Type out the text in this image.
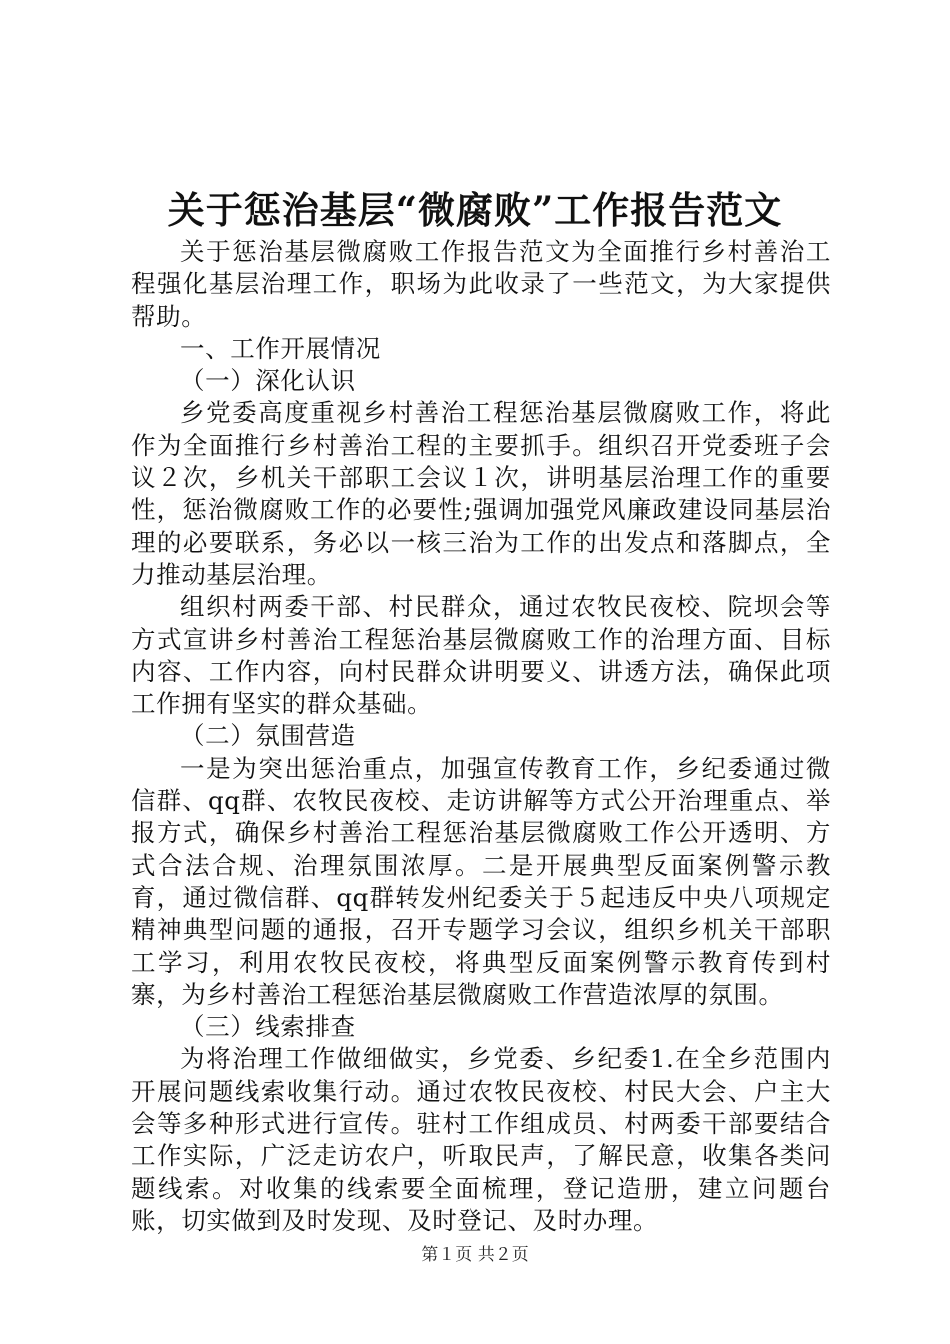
关于惩治基层“微腐败”工作报告范文

关于惩治基层微腐败工作报告范文为全面推行乡村善治工程强化基层治理工作，职场为此收录了一些范文，为大家提供帮助。

一、工作开展情况

（一）深化认识

乡党委高度重视乡村善治工程惩治基层微腐败工作，将此作为全面推行乡村善治工程的主要抓手。组织召开党委班子会议２次，乡机关干部职工会议１次，讲明基层治理工作的重要性，惩治微腐败工作的必要性;强调加强党风廉政建设同基层治理的必要联系，务必以一核三治为工作的出发点和落脚点，全力推动基层治理。

组织村两委干部、村民群众，通过农牧民夜校、院坝会等方式宣讲乡村善治工程惩治基层微腐败工作的治理方面、目标内容、工作内容，向村民群众讲明要义、讲透方法，确保此项工作拥有坚实的群众基础。

（二）氛围营造

一是为突出惩治重点，加强宣传教育工作，乡纪委通过微信群、qq群、农牧民夜校、走访讲解等方式公开治理重点、举报方式，确保乡村善治工程惩治基层微腐败工作公开透明、方式合法合规、治理氛围浓厚。二是开展典型反面案例警示教育，通过微信群、qq群转发州纪委关于５起违反中央八项规定精神典型问题的通报，召开专题学习会议，组织乡机关干部职工学习，利用农牧民夜校，将典型反面案例警示教育传到村寨，为乡村善治工程惩治基层微腐败工作营造浓厚的氛围。

（三）线索排查

为将治理工作做细做实，乡党委、乡纪委1.在全乡范围内开展问题线索收集行动。通过农牧民夜校、村民大会、户主大会等多种形式进行宣传。驻村工作组成员、村两委干部要结合工作实际，广泛走访农户，听取民声，了解民意，收集各类问题线索。对收集的线索要全面梳理，登记造册，建立问题台账，切实做到及时发现、及时登记、及时办理。

第１页 共２页
